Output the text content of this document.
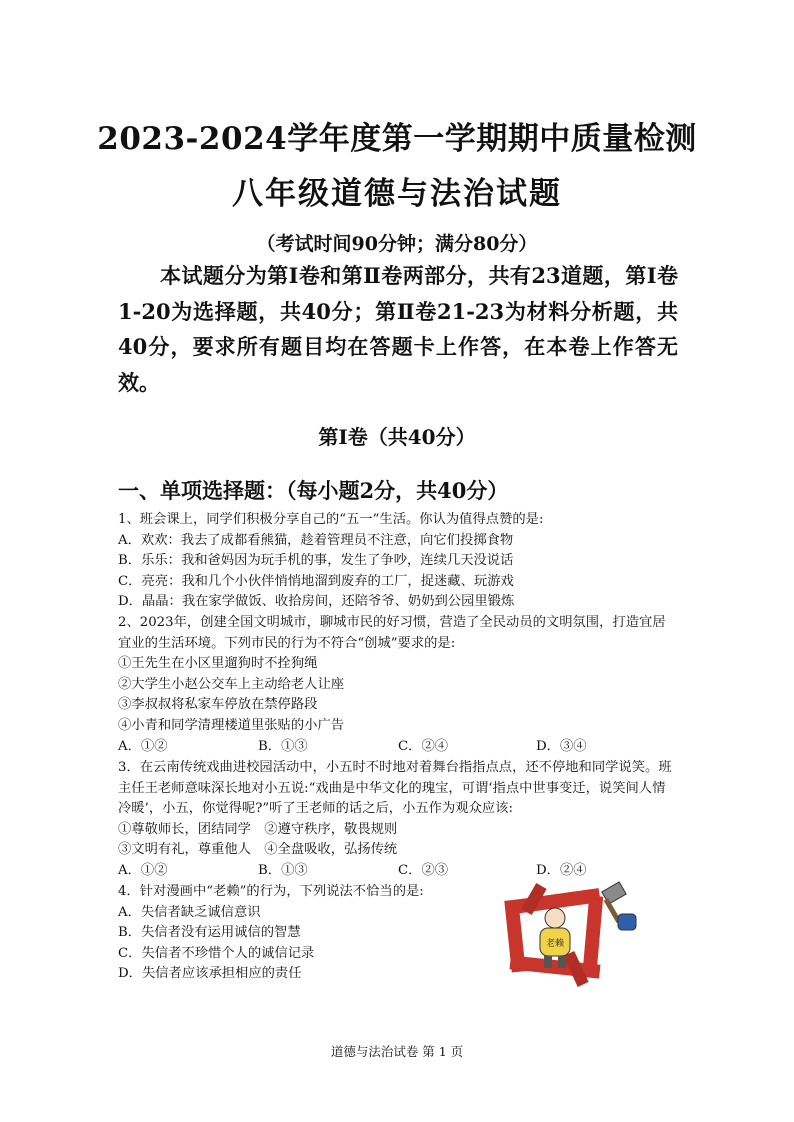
2023-2024学年度第一学期期中质量检测
八年级道德与法治试题
（考试时间90分钟；满分80分）
本试题分为第Ⅰ卷和第Ⅱ卷两部分，共有23道题，第Ⅰ卷1-20为选择题，共40分；第Ⅱ卷21-23为材料分析题，共40分，要求所有题目均在答题卡上作答，在本卷上作答无效。
第Ⅰ卷（共40分）
一、单项选择题：（每小题2分，共40分）
1、班会课上，同学们积极分享自己的“五一”生活。你认为值得点赞的是:
A．欢欢：我去了成都看熊猫，趁着管理员不注意，向它们投掷食物
B．乐乐：我和爸妈因为玩手机的事，发生了争吵，连续几天没说话
C．亮亮：我和几个小伙伴悄悄地溜到废弃的工厂，捉迷藏、玩游戏
D．晶晶：我在家学做饭、收拾房间，还陪爷爷、奶奶到公园里锻炼
2、2023年，创建全国文明城市，聊城市民的好习惯，营造了全民动员的文明氛围，打造宜居宜业的生活环境。下列市民的行为不符合“创城”要求的是:
①王先生在小区里遛狗时不拴狗绳
②大学生小赵公交车上主动给老人让座
③李叔叔将私家车停放在禁停路段
④小青和同学清理楼道里张贴的小广告
A．①②	B．①③	C．②④	D．③④
3．在云南传统戏曲进校园活动中，小五时不时地对着舞台指指点点，还不停地和同学说笑。班主任王老师意味深长地对小五说:“戏曲是中华文化的瑰宝，可谓‘指点中世事变迁，说笑间人情冷暖’，小五，你觉得呢?”听了王老师的话之后，小五作为观众应该:
①尊敬师长，团结同学　②遵守秩序，敬畏规则
③文明有礼，尊重他人　④全盘吸收，弘扬传统
A．①②	B．①③	C．②③	D．②④
4．针对漫画中“老赖”的行为，下列说法不恰当的是:
A．失信者缺乏诚信意识
B．失信者没有运用诚信的智慧
C．失信者不珍惜个人的诚信记录
D．失信者应该承担相应的责任
老赖
道德与法治试卷 第 1 页
